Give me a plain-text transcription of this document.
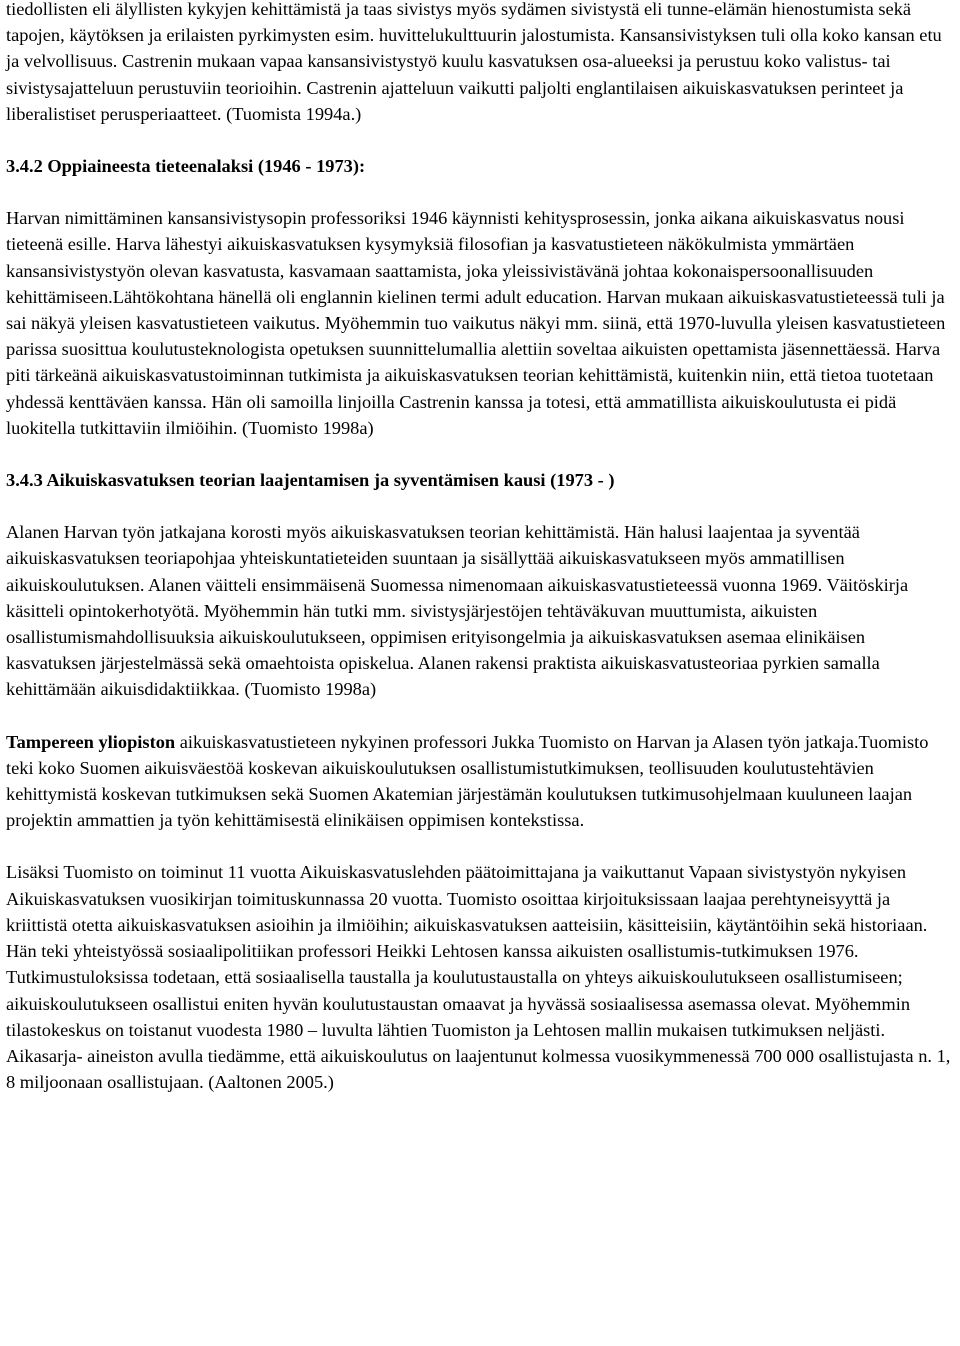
tiedollisten eli älyllisten kykyjen kehittämistä ja taas sivistys myös sydämen sivistystä eli tunne-elämän hienostumista sekä tapojen, käytöksen ja erilaisten pyrkimysten esim. huvittelukulttuurin jalostumista. Kansansivistyksen tuli olla koko kansan etu ja velvollisuus. Castrenin mukaan vapaa kansansivistystyö kuulu kasvatuksen osa-alueeksi ja perustuu koko valistus- tai sivistysajatteluun perustuviin teorioihin. Castrenin ajatteluun vaikutti paljolti englantilaisen aikuiskasvatuksen perinteet ja liberalistiset perusperiaatteet. (Tuomista 1994a.)

3.4.2 Oppiaineesta tieteenalaksi (1946 - 1973):

Harvan nimittäminen kansansivistysopin professoriksi 1946 käynnisti kehitysprosessin, jonka aikana aikuiskasvatus nousi tieteenä esille. Harva lähestyi aikuiskasvatuksen kysymyksiä filosofian ja kasvatustieteen näkökulmista ymmärtäen kansansivistystyön olevan kasvatusta, kasvamaan saattamista, joka yleissivistävänä johtaa kokonaispersoonallisuuden kehittämiseen.Lähtökohtana hänellä oli englannin kielinen termi adult education. Harvan mukaan aikuiskasvatustieteessä tuli ja sai näkyä yleisen kasvatustieteen vaikutus. Myöhemmin tuo vaikutus näkyi mm. siinä, että 1970-luvulla yleisen kasvatustieteen parissa suosittua koulutusteknologista opetuksen suunnittelumallia alettiin soveltaa aikuisten opettamista jäsennettäessä. Harva piti tärkeänä aikuiskasvatustoiminnan tutkimista ja aikuiskasvatuksen teorian kehittämistä, kuitenkin niin, että tietoa tuotetaan yhdessä kenttäväen kanssa. Hän oli samoilla linjoilla Castrenin kanssa ja totesi, että ammatillista aikuiskoulutusta ei pidä luokitella tutkittaviin ilmiöihin. (Tuomisto 1998a)

3.4.3 Aikuiskasvatuksen teorian laajentamisen ja syventämisen kausi (1973 - )

Alanen Harvan työn jatkajana korosti myös aikuiskasvatuksen teorian kehittämistä. Hän halusi laajentaa ja syventää aikuiskasvatuksen teoriapohjaa yhteiskuntatieteiden suuntaan ja sisällyttää aikuiskasvatukseen myös ammatillisen aikuiskoulutuksen. Alanen väitteli ensimmäisenä Suomessa nimenomaan aikuiskasvatustieteessä vuonna 1969. Väitöskirja käsitteli opintokerhotyötä. Myöhemmin hän tutki mm. sivistysjärjestöjen tehtäväkuvan muuttumista, aikuisten osallistumismahdollisuuksia aikuiskoulutukseen, oppimisen erityisongelmia ja aikuiskasvatuksen asemaa elinikäisen kasvatuksen järjestelmässä sekä omaehtoista opiskelua. Alanen rakensi praktista aikuiskasvatusteoriaa pyrkien samalla kehittämään aikuisdidaktiikkaa. (Tuomisto 1998a)

Tampereen yliopiston aikuiskasvatustieteen nykyinen professori Jukka Tuomisto on Harvan ja Alasen työn jatkaja.Tuomisto teki koko Suomen aikuisväestöä koskevan aikuiskoulutuksen osallistumistutkimuksen, teollisuuden koulutustehtävien kehittymistä koskevan tutkimuksen sekä Suomen Akatemian järjestämän koulutuksen tutkimusohjelmaan kuuluneen laajan projektin ammattien ja työn kehittämisestä elinikäisen oppimisen kontekstissa.

Lisäksi Tuomisto on toiminut 11 vuotta Aikuiskasvatuslehden päätoimittajana ja vaikuttanut Vapaan sivistystyön nykyisen Aikuiskasvatuksen vuosikirjan toimituskunnassa 20 vuotta. Tuomisto osoittaa kirjoituksissaan laajaa perehtyneisyyttä ja kriittistä otetta aikuiskasvatuksen asioihin ja ilmiöihin; aikuiskasvatuksen aatteisiin, käsitteisiin, käytäntöihin sekä historiaan. Hän teki yhteistyössä sosiaalipolitiikan professori Heikki Lehtosen kanssa aikuisten osallistumis-tutkimuksen 1976. Tutkimustuloksissa todetaan, että sosiaalisella taustalla ja koulutustaustalla on yhteys aikuiskoulutukseen osallistumiseen; aikuiskoulutukseen osallistui eniten hyvän koulutustaustan omaavat ja hyvässä sosiaalisessa asemassa olevat. Myöhemmin tilastokeskus on toistanut vuodesta 1980 – luvulta lähtien Tuomiston ja Lehtosen mallin mukaisen tutkimuksen neljästi. Aikasarja- aineiston avulla tiedämme, että aikuiskoulutus on laajentunut kolmessa vuosikymmenessä 700 000 osallistujasta n. 1, 8 miljoonaan osallistujaan. (Aaltonen 2005.)
